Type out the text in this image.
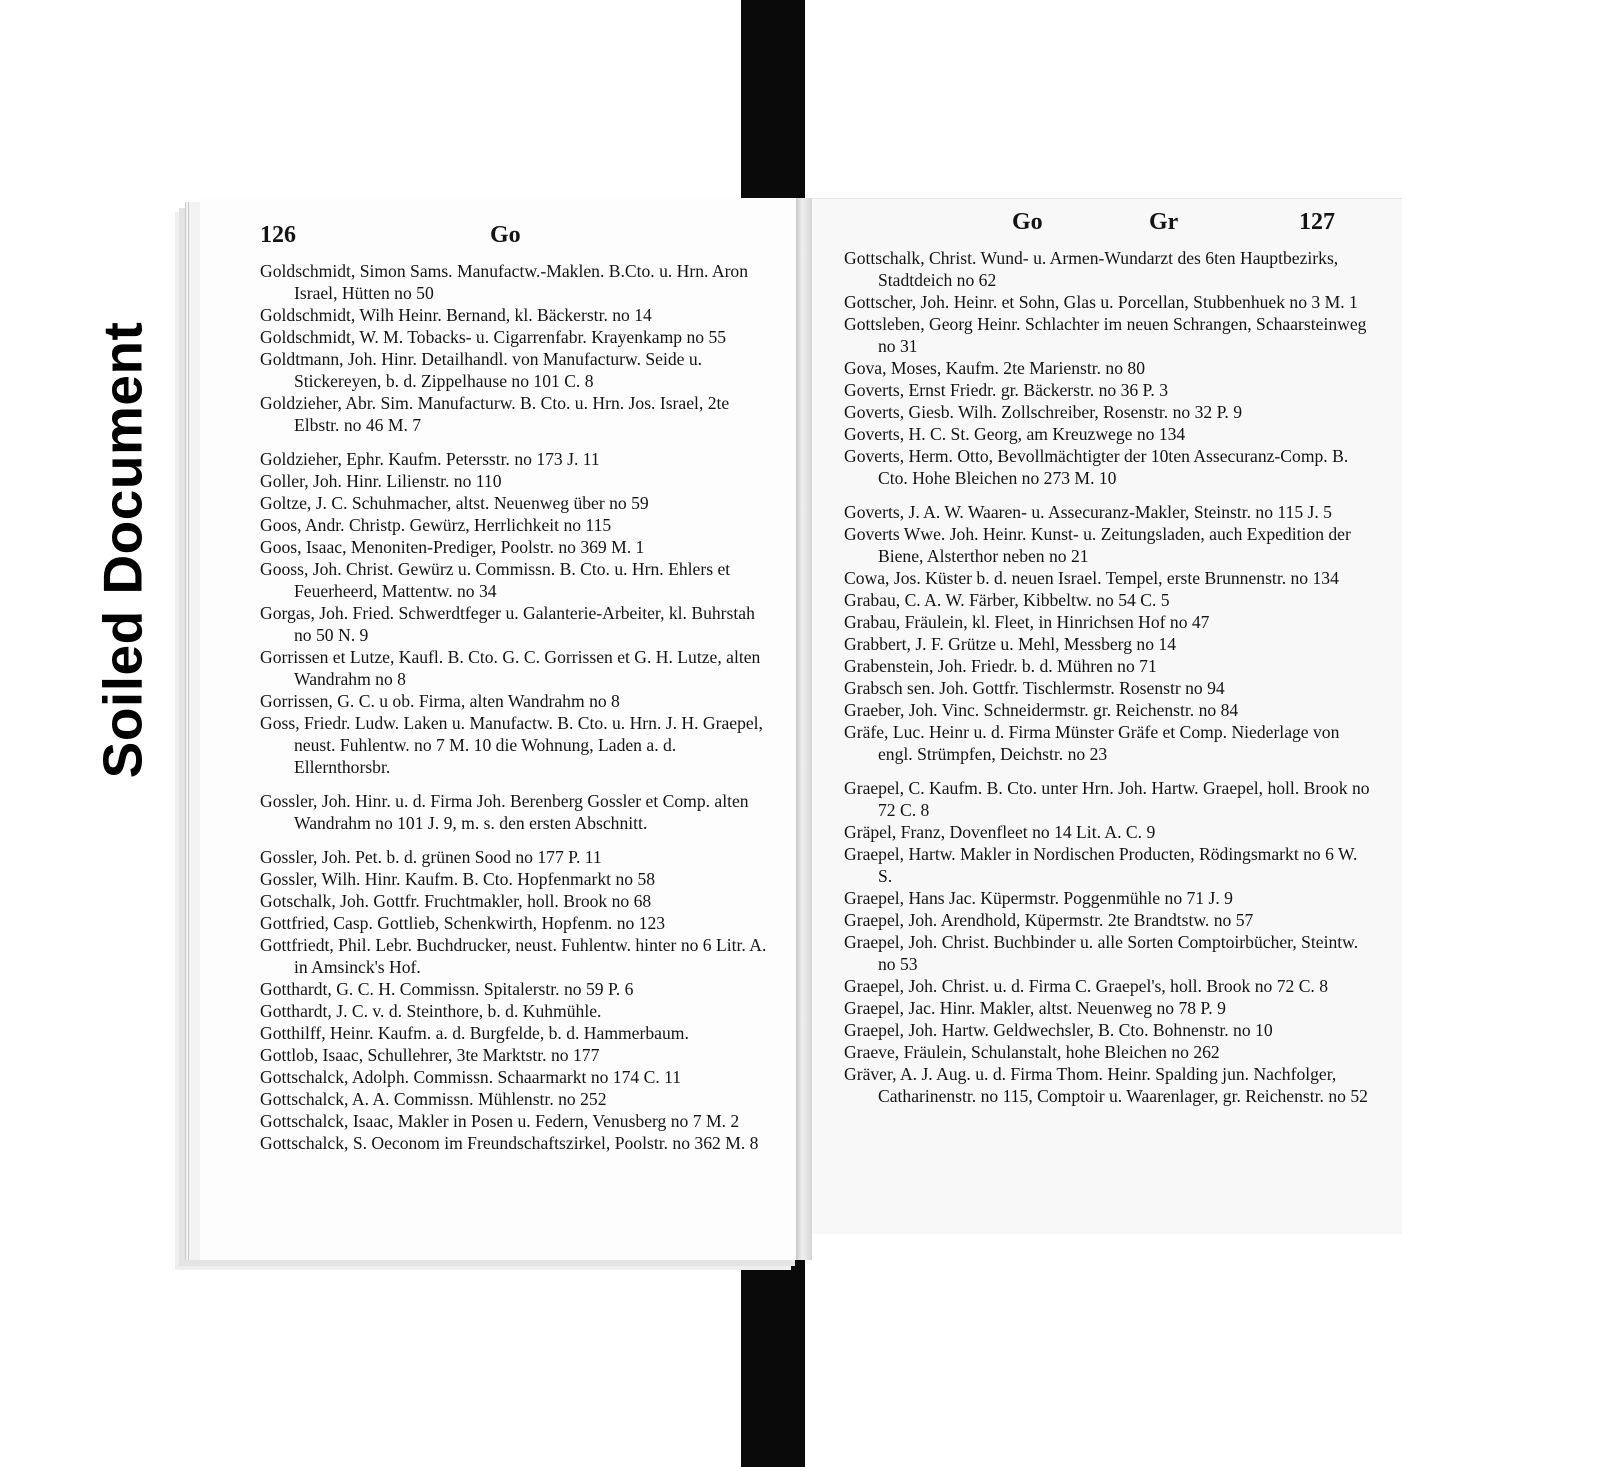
Soiled Document
126	Go
Goldschmidt, Simon Sams. Manufactw.-Maklen. B.Cto. u. Hrn. Aron Israel, Hütten no 50
Goldschmidt, Wilh Heinr. Bernand, kl. Bäckerstr. no 14
Goldschmidt, W. M. Tobacks- u. Cigarrenfabr. Krayenkamp no 55
Goldtmann, Joh. Hinr. Detailhandl. von Manufacturw. Seide u. Stickereyen, b. d. Zippelhause no 101 C. 8
Goldzieher, Abr. Sim. Manufacturw. B. Cto. u. Hrn. Jos. Israel, 2te Elbstr. no 46 M. 7
Goldzieher, Ephr. Kaufm. Petersstr. no 173 J. 11
Goller, Joh. Hinr. Lilienstr. no 110
Goltze, J. C. Schuhmacher, altst. Neuenweg über no 59
Goos, Andr. Christp. Gewürz, Herrlichkeit no 115
Goos, Isaac, Menoniten-Prediger, Poolstr. no 369 M. 1
Gooss, Joh. Christ. Gewürz u. Commissn. B. Cto. u. Hrn. Ehlers et Feuerheerd, Mattentw. no 34
Gorgas, Joh. Fried. Schwerdtfeger u. Galanterie-Arbeiter, kl. Buhrstah no 50 N. 9
Gorrissen et Lutze, Kaufl. B. Cto. G. C. Gorrissen et G. H. Lutze, alten Wandrahm no 8
Gorrissen, G. C. u ob. Firma, alten Wandrahm no 8
Goss, Friedr. Ludw. Laken u. Manufactw. B. Cto. u. Hrn. J. H. Graepel, neust. Fuhlentw. no 7 M. 10 die Wohnung, Laden a. d. Ellernthorsbr.
Gossler, Joh. Hinr. u. d. Firma Joh. Berenberg Gossler et Comp. alten Wandrahm no 101 J. 9, m. s. den ersten Abschnitt.
Gossler, Joh. Pet. b. d. grünen Sood no 177 P. 11
Gossler, Wilh. Hinr. Kaufm. B. Cto. Hopfenmarkt no 58
Gotschalk, Joh. Gottfr. Fruchtmakler, holl. Brook no 68
Gottfried, Casp. Gottlieb, Schenkwirth, Hopfenm. no 123
Gottfriedt, Phil. Lebr. Buchdrucker, neust. Fuhlentw. hinter no 6 Litr. A. in Amsinck's Hof.
Gotthardt, G. C. H. Commissn. Spitalerstr. no 59 P. 6
Gotthardt, J. C. v. d. Steinthore, b. d. Kuhmühle.
Gotthilff, Heinr. Kaufm. a. d. Burgfelde, b. d. Hammerbaum.
Gottlob, Isaac, Schullehrer, 3te Marktstr. no 177
Gottschalck, Adolph. Commissn. Schaarmarkt no 174 C. 11
Gottschalck, A. A. Commissn. Mühlenstr. no 252
Gottschalck, Isaac, Makler in Posen u. Federn, Venusberg no 7 M. 2
Gottschalck, S. Oeconom im Freundschaftszirkel, Poolstr. no 362 M. 8
Go	Gr	127
Gottschalk, Christ. Wund- u. Armen-Wundarzt des 6ten Hauptbezirks, Stadtdeich no 62
Gottscher, Joh. Heinr. et Sohn, Glas u. Porcellan, Stubbenhuek no 3 M. 1
Gottsleben, Georg Heinr. Schlachter im neuen Schrangen, Schaarsteinweg no 31
Gova, Moses, Kaufm. 2te Marienstr. no 80
Goverts, Ernst Friedr. gr. Bäckerstr. no 36 P. 3
Goverts, Giesb. Wilh. Zollschreiber, Rosenstr. no 32 P. 9
Goverts, H. C. St. Georg, am Kreuzwege no 134
Goverts, Herm. Otto, Bevollmächtigter der 10ten Assecuranz-Comp. B. Cto. Hohe Bleichen no 273 M. 10
Goverts, J. A. W. Waaren- u. Assecuranz-Makler, Steinstr. no 115 J. 5
Goverts Wwe. Joh. Heinr. Kunst- u. Zeitungsladen, auch Expedition der Biene, Alsterthor neben no 21
Cowa, Jos. Küster b. d. neuen Israel. Tempel, erste Brunnenstr. no 134
Grabau, C. A. W. Färber, Kibbeltw. no 54 C. 5
Grabau, Fräulein, kl. Fleet, in Hinrichsen Hof no 47
Grabbert, J. F. Grütze u. Mehl, Messberg no 14
Grabenstein, Joh. Friedr. b. d. Mühren no 71
Grabsch sen. Joh. Gottfr. Tischlermstr. Rosenstr no 94
Graeber, Joh. Vinc. Schneidermstr. gr. Reichenstr. no 84
Gräfe, Luc. Heinr u. d. Firma Münster Gräfe et Comp. Niederlage von engl. Strümpfen, Deichstr. no 23
Graepel, C. Kaufm. B. Cto. unter Hrn. Joh. Hartw. Graepel, holl. Brook no 72 C. 8
Gräpel, Franz, Dovenfleet no 14 Lit. A. C. 9
Graepel, Hartw. Makler in Nordischen Producten, Rödingsmarkt no 6 W. S.
Graepel, Hans Jac. Küpermstr. Poggenmühle no 71 J. 9
Graepel, Joh. Arendhold, Küpermstr. 2te Brandtstw. no 57
Graepel, Joh. Christ. Buchbinder u. alle Sorten Comptoirbücher, Steintw. no 53
Graepel, Joh. Christ. u. d. Firma C. Graepel's, holl. Brook no 72 C. 8
Graepel, Jac. Hinr. Makler, altst. Neuenweg no 78 P. 9
Graepel, Joh. Hartw. Geldwechsler, B. Cto. Bohnenstr. no 10
Graeve, Fräulein, Schulanstalt, hohe Bleichen no 262
Gräver, A. J. Aug. u. d. Firma Thom. Heinr. Spalding jun. Nachfolger, Catharinenstr. no 115, Comptoir u. Waarenlager, gr. Reichenstr. no 52
